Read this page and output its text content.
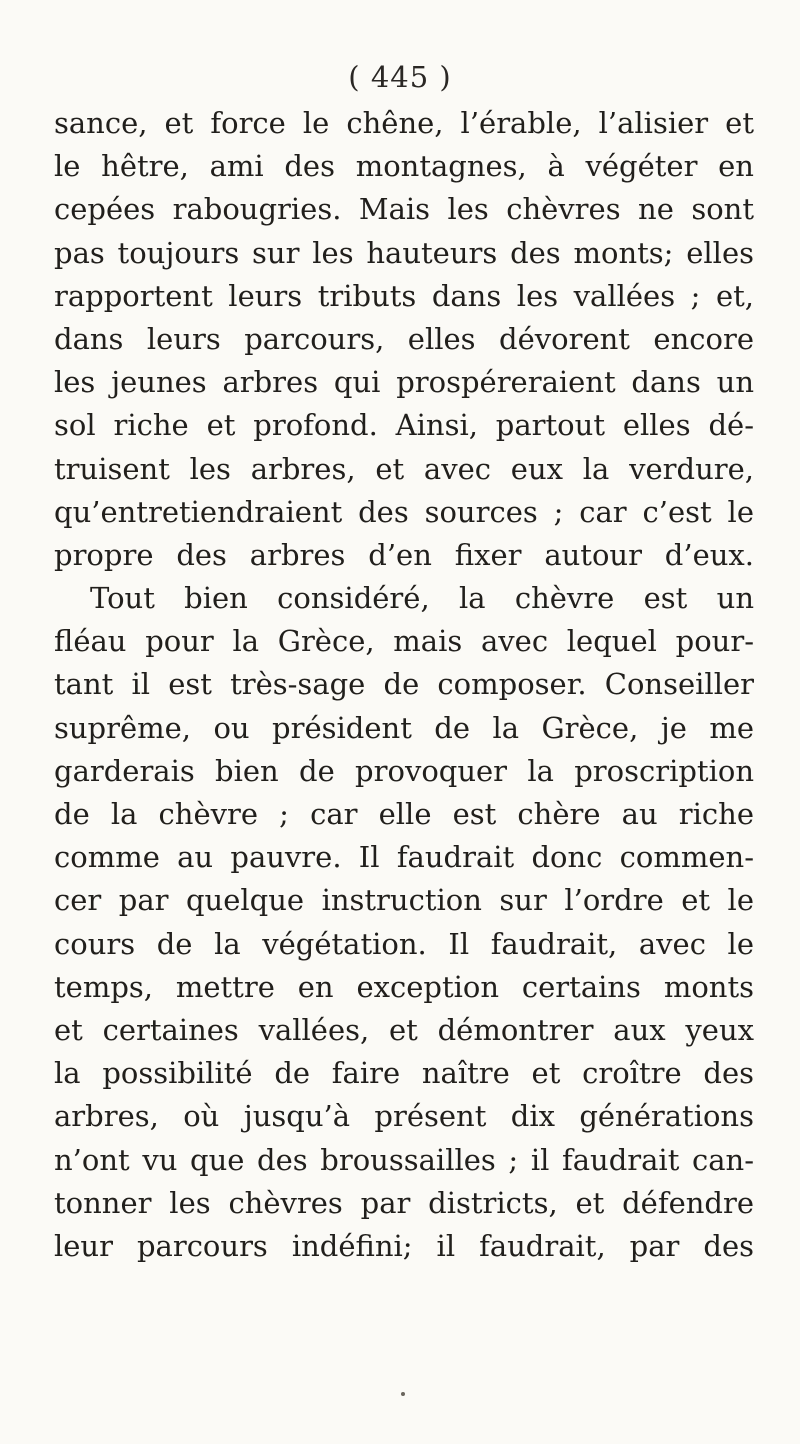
( 445 )
sance, et force le chêne, l’érable, l’alisier et
le hêtre, ami des montagnes, à végéter en
cepées rabougries. Mais les chèvres ne sont
pas toujours sur les hauteurs des monts; elles
rapportent leurs tributs dans les vallées ; et,
dans leurs parcours, elles dévorent encore
les jeunes arbres qui prospéreraient dans un
sol riche et profond. Ainsi, partout elles dé-
truisent les arbres, et avec eux la verdure,
qu’entretiendraient des sources ; car c’est le
propre des arbres d’en fixer autour d’eux.
Tout bien considéré, la chèvre est un
fléau pour la Grèce, mais avec lequel pour-
tant il est très-sage de composer. Conseiller
suprême, ou président de la Grèce, je me
garderais bien de provoquer la proscription
de la chèvre ; car elle est chère au riche
comme au pauvre. Il faudrait donc commen-
cer par quelque instruction sur l’ordre et le
cours de la végétation. Il faudrait, avec le
temps, mettre en exception certains monts
et certaines vallées, et démontrer aux yeux
la possibilité de faire naître et croître des
arbres, où jusqu’à présent dix générations
n’ont vu que des broussailles ; il faudrait can-
tonner les chèvres par districts, et défendre
leur parcours indéfini; il faudrait, par des
